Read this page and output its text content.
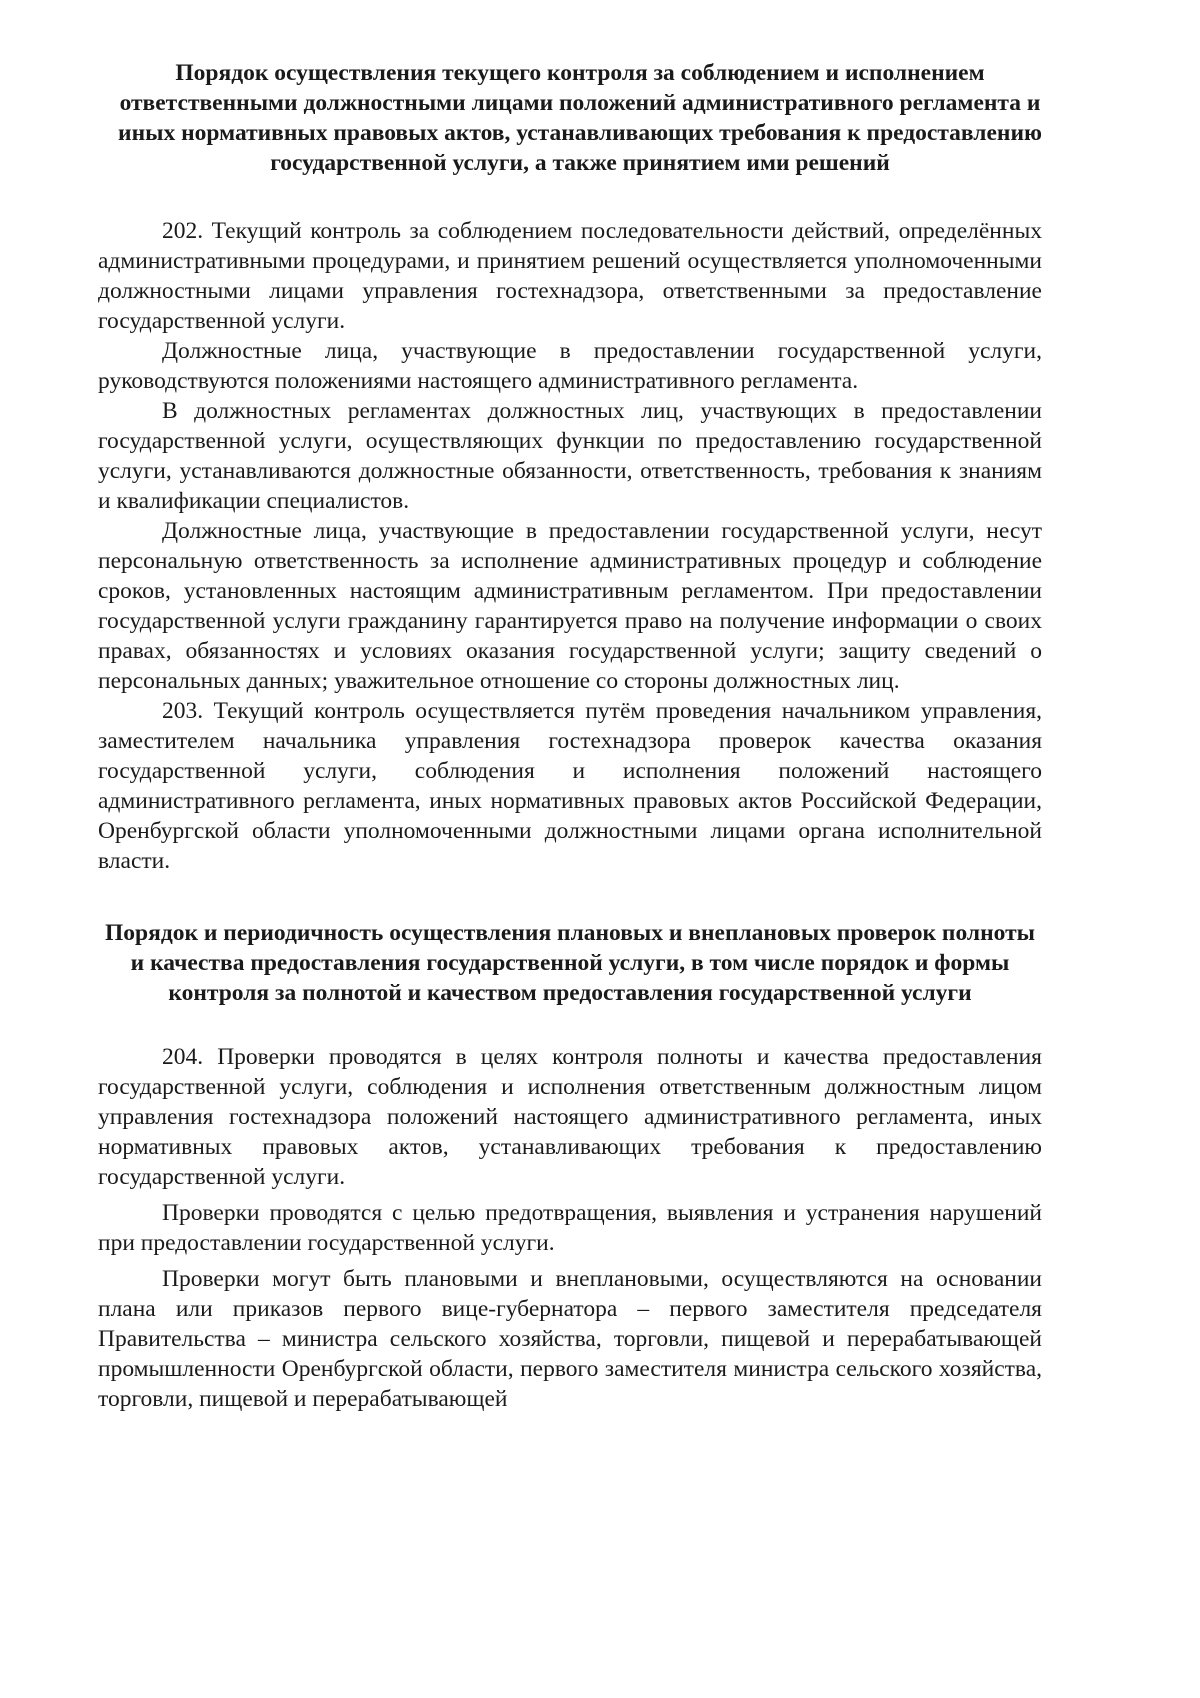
Порядок осуществления текущего контроля за соблюдением и исполнением ответственными должностными лицами положений административного регламента и иных нормативных правовых актов, устанавливающих требования к предоставлению государственной услуги, а также принятием ими решений

202. Текущий контроль за соблюдением последовательности действий, определённых административными процедурами, и принятием решений осуществляется уполномоченными должностными лицами управления гостехнадзора, ответственными за предоставление государственной услуги.

Должностные лица, участвующие в предоставлении государственной услуги, руководствуются положениями настоящего административного регламента.

В должностных регламентах должностных лиц, участвующих в предоставлении государственной услуги, осуществляющих функции по предоставлению государственной услуги, устанавливаются должностные обязанности, ответственность, требования к знаниям и квалификации специалистов.

Должностные лица, участвующие в предоставлении государственной услуги, несут персональную ответственность за исполнение административных процедур и соблюдение сроков, установленных настоящим административным регламентом. При предоставлении государственной услуги гражданину гарантируется право на получение информации о своих правах, обязанностях и условиях оказания государственной услуги; защиту сведений о персональных данных; уважительное отношение со стороны должностных лиц.

203. Текущий контроль осуществляется путём проведения начальником управления, заместителем начальника управления гостехнадзора проверок качества оказания государственной услуги, соблюдения и исполнения положений настоящего административного регламента, иных нормативных правовых актов Российской Федерации, Оренбургской области уполномоченными должностными лицами органа исполнительной власти.

Порядок и периодичность осуществления плановых и внеплановых проверок полноты и качества предоставления государственной услуги, в том числе порядок и формы контроля за полнотой и качеством предоставления государственной услуги

204. Проверки проводятся в целях контроля полноты и качества предоставления государственной услуги, соблюдения и исполнения ответственным должностным лицом управления гостехнадзора положений настоящего административного регламента, иных нормативных правовых актов, устанавливающих требования к предоставлению государственной услуги.

Проверки проводятся с целью предотвращения, выявления и устранения нарушений при предоставлении государственной услуги.

Проверки могут быть плановыми и внеплановыми, осуществляются на основании плана или приказов первого вице-губернатора – первого заместителя председателя Правительства – министра сельского хозяйства, торговли, пищевой и перерабатывающей промышленности Оренбургской области, первого заместителя министра сельского хозяйства, торговли, пищевой и перерабатывающей
